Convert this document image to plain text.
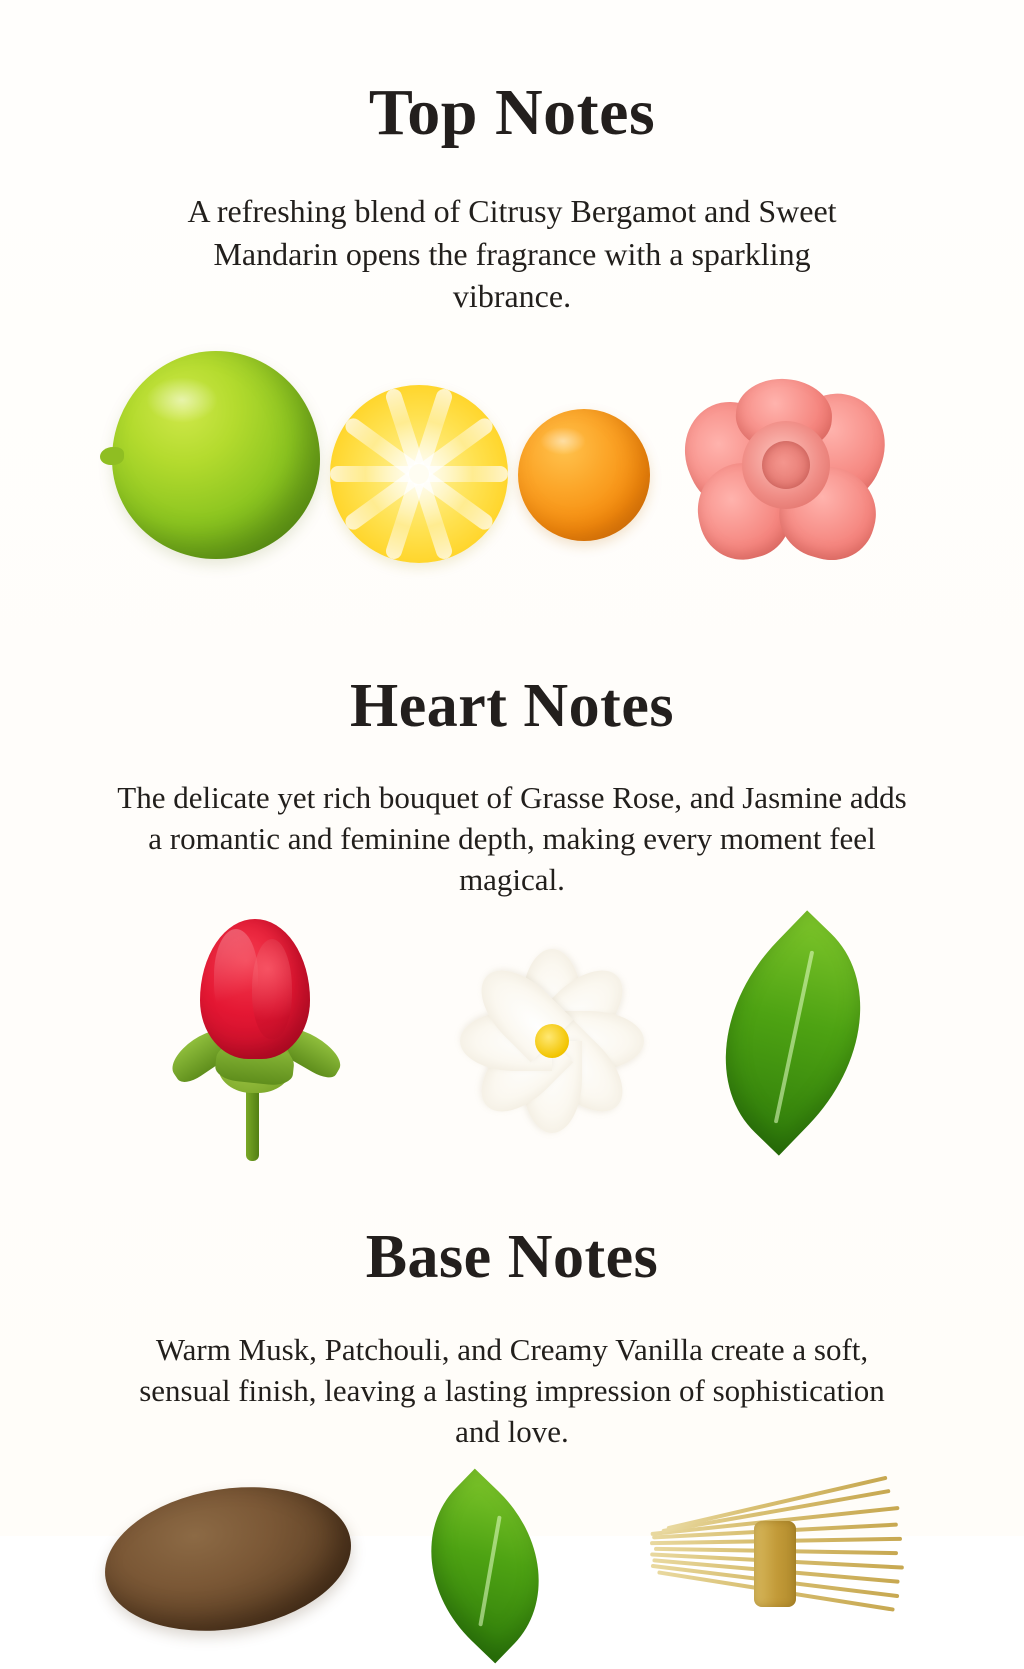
Top Notes

A refreshing blend of Citrusy Bergamot and Sweet Mandarin opens the fragrance with a sparkling vibrance.

Heart Notes

The delicate yet rich bouquet of Grasse Rose, and Jasmine adds a romantic and feminine depth, making every moment feel magical.

Base Notes

Warm Musk, Patchouli, and Creamy Vanilla create a soft, sensual finish, leaving a lasting impression of sophistication and love.
